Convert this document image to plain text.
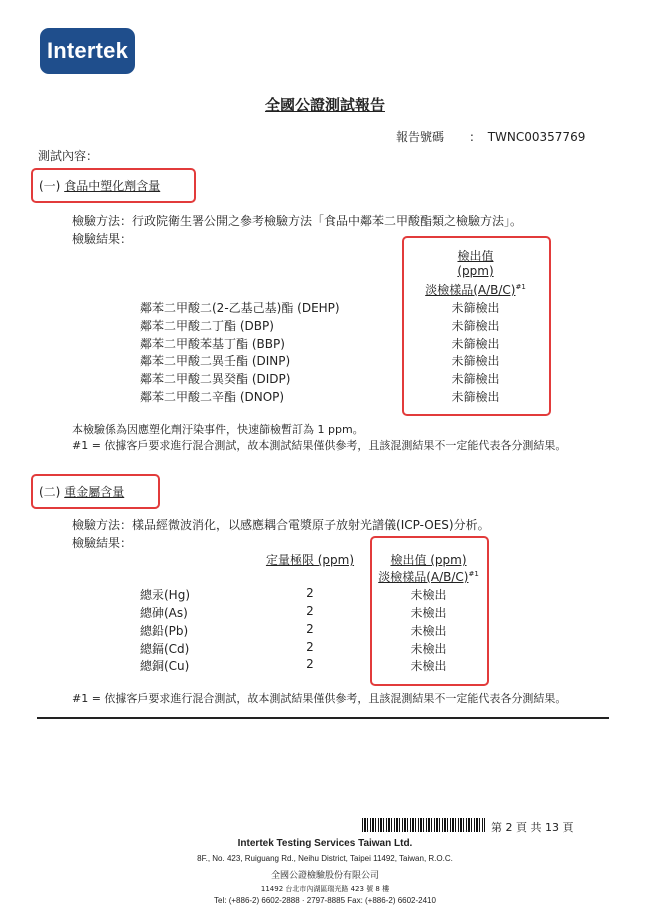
Intertek
全國公證測試報告
報告號碼 : TWNC00357769
測試內容：
(一) 食品中塑化劑含量
檢驗方法：行政院衛生署公開之參考檢驗方法「食品中鄰苯二甲酸酯類之檢驗方法」。
檢驗結果：
檢出值
(ppm)
淡檢樣品$(A/B/C)^{\#1}$
鄰苯二甲酸二(2-乙基己基)酯 (DEHP)	未篩檢出
鄰苯二甲酸二丁酯 (DBP)	未篩檢出
鄰苯二甲酸苯基丁酯 (BBP)	未篩檢出
鄰苯二甲酸二異壬酯 (DINP)	未篩檢出
鄰苯二甲酸二異癸酯 (DIDP)	未篩檢出
鄰苯二甲酸二辛酯 (DNOP)	未篩檢出
本檢驗係為因應塑化劑汙染事件，快速篩檢暫訂為 1 ppm。
#1 = 依據客戶要求進行混合測試，故本測試結果僅供參考，且該混測結果不一定能代表各分測結果。
(二) 重金屬含量
檢驗方法：樣品經微波消化，以感應耦合電漿原子放射光譜儀(ICP-OES)分析。
檢驗結果：
定量極限 (ppm)	檢出值 (ppm)
淡檢樣品$(A/B/C)^{\#1}$
總汞(Hg)	2	未檢出
總砷(As)	2	未檢出
總鉛(Pb)	2	未檢出
總鎘(Cd)	2	未檢出
總銅(Cu)	2	未檢出
#1 = 依據客戶要求進行混合測試，故本測試結果僅供參考，且該混測結果不一定能代表各分測結果。
第 2 頁 共 13 頁
Intertek Testing Services Taiwan Ltd.
8F., No. 423, Ruiguang Rd., Neihu District, Taipei 11492, Taiwan, R.O.C.
全國公證檢驗股份有限公司
11492 台北市內湖區瑞光路 423 號 8 樓
Tel: (+886-2) 6602-2888 · 2797-8885 Fax: (+886-2) 6602-2410
